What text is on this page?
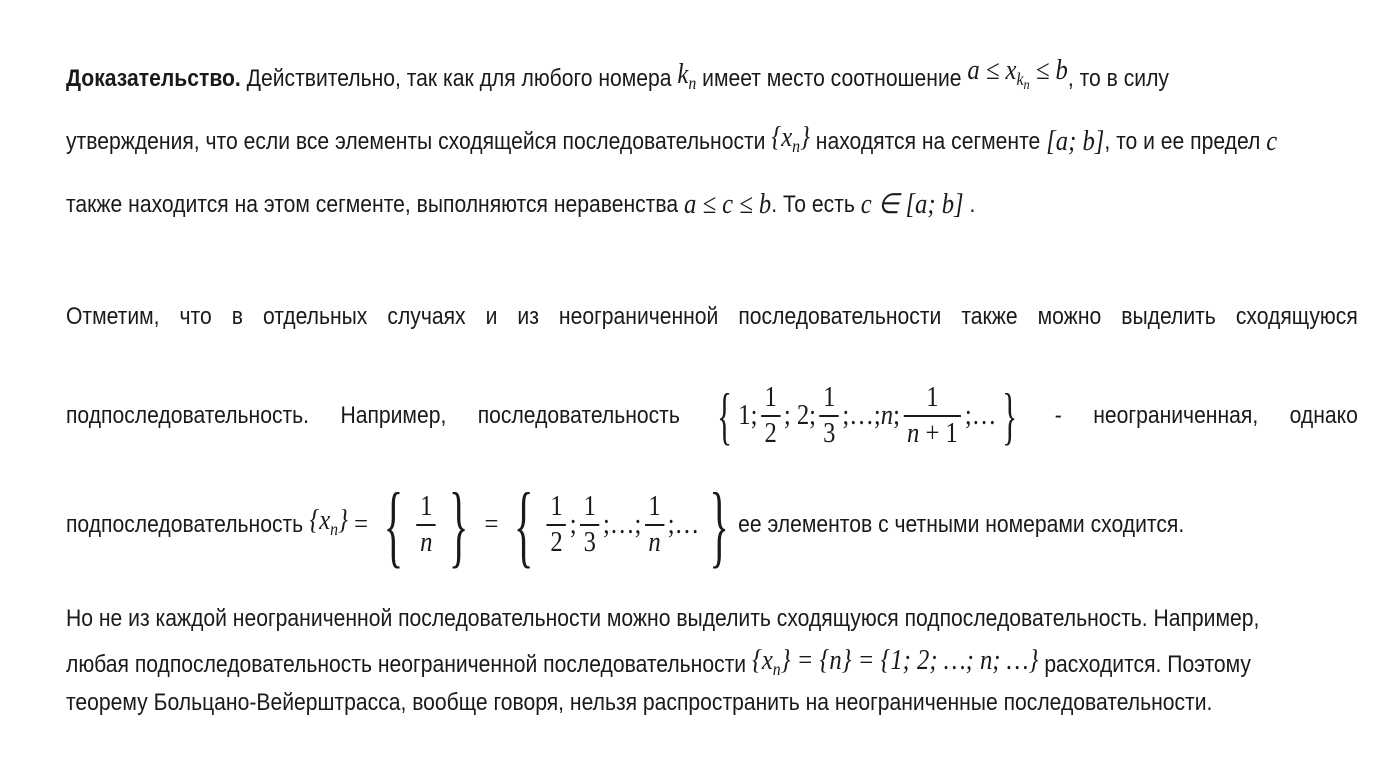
Доказательство.
Действительно, так как для любого номера
$k_n$
имеет место соотношение
$a \le x_{k_n} \le b$ , то в силу
утверждения, что если все элементы сходящейся последовательности
$\{x_n\}$
находятся на сегменте
[a; b] , то и ее предел
c
также находится на этом сегменте, выполняются неравенства
a ≤ c ≤ b . То есть
c ∈ [a; b]
.
Отметим, что в отдельных случаях и из неограниченной последовательности также можно выделить сходящуюся
подпоследовательность. Например, последовательность { 1; $\frac{1}{2}$ ; 2; $\frac{1}{3}$ ;…; n ; $\frac{1}{n + 1}$ ;… } - неограниченная, однако
подпоследовательность
$\{x_n\}$ = { $\frac{1}{n}$ } = { $\frac{1}{2}$ ; $\frac{1}{3}$ ;…; $\frac{1}{n}$ ;… } ее элементов с четными номерами сходится.
Но не из каждой неограниченной последовательности можно выделить сходящуюся подпоследовательность. Например,
любая подпоследовательность неограниченной последовательности
$\{x_n\} = \{n\} = \{1$; 2; …; n; …}
расходится. Поэтому
теорему Больцано-Вейерштрасса, вообще говоря, нельзя распространить на неограниченные последовательности.
